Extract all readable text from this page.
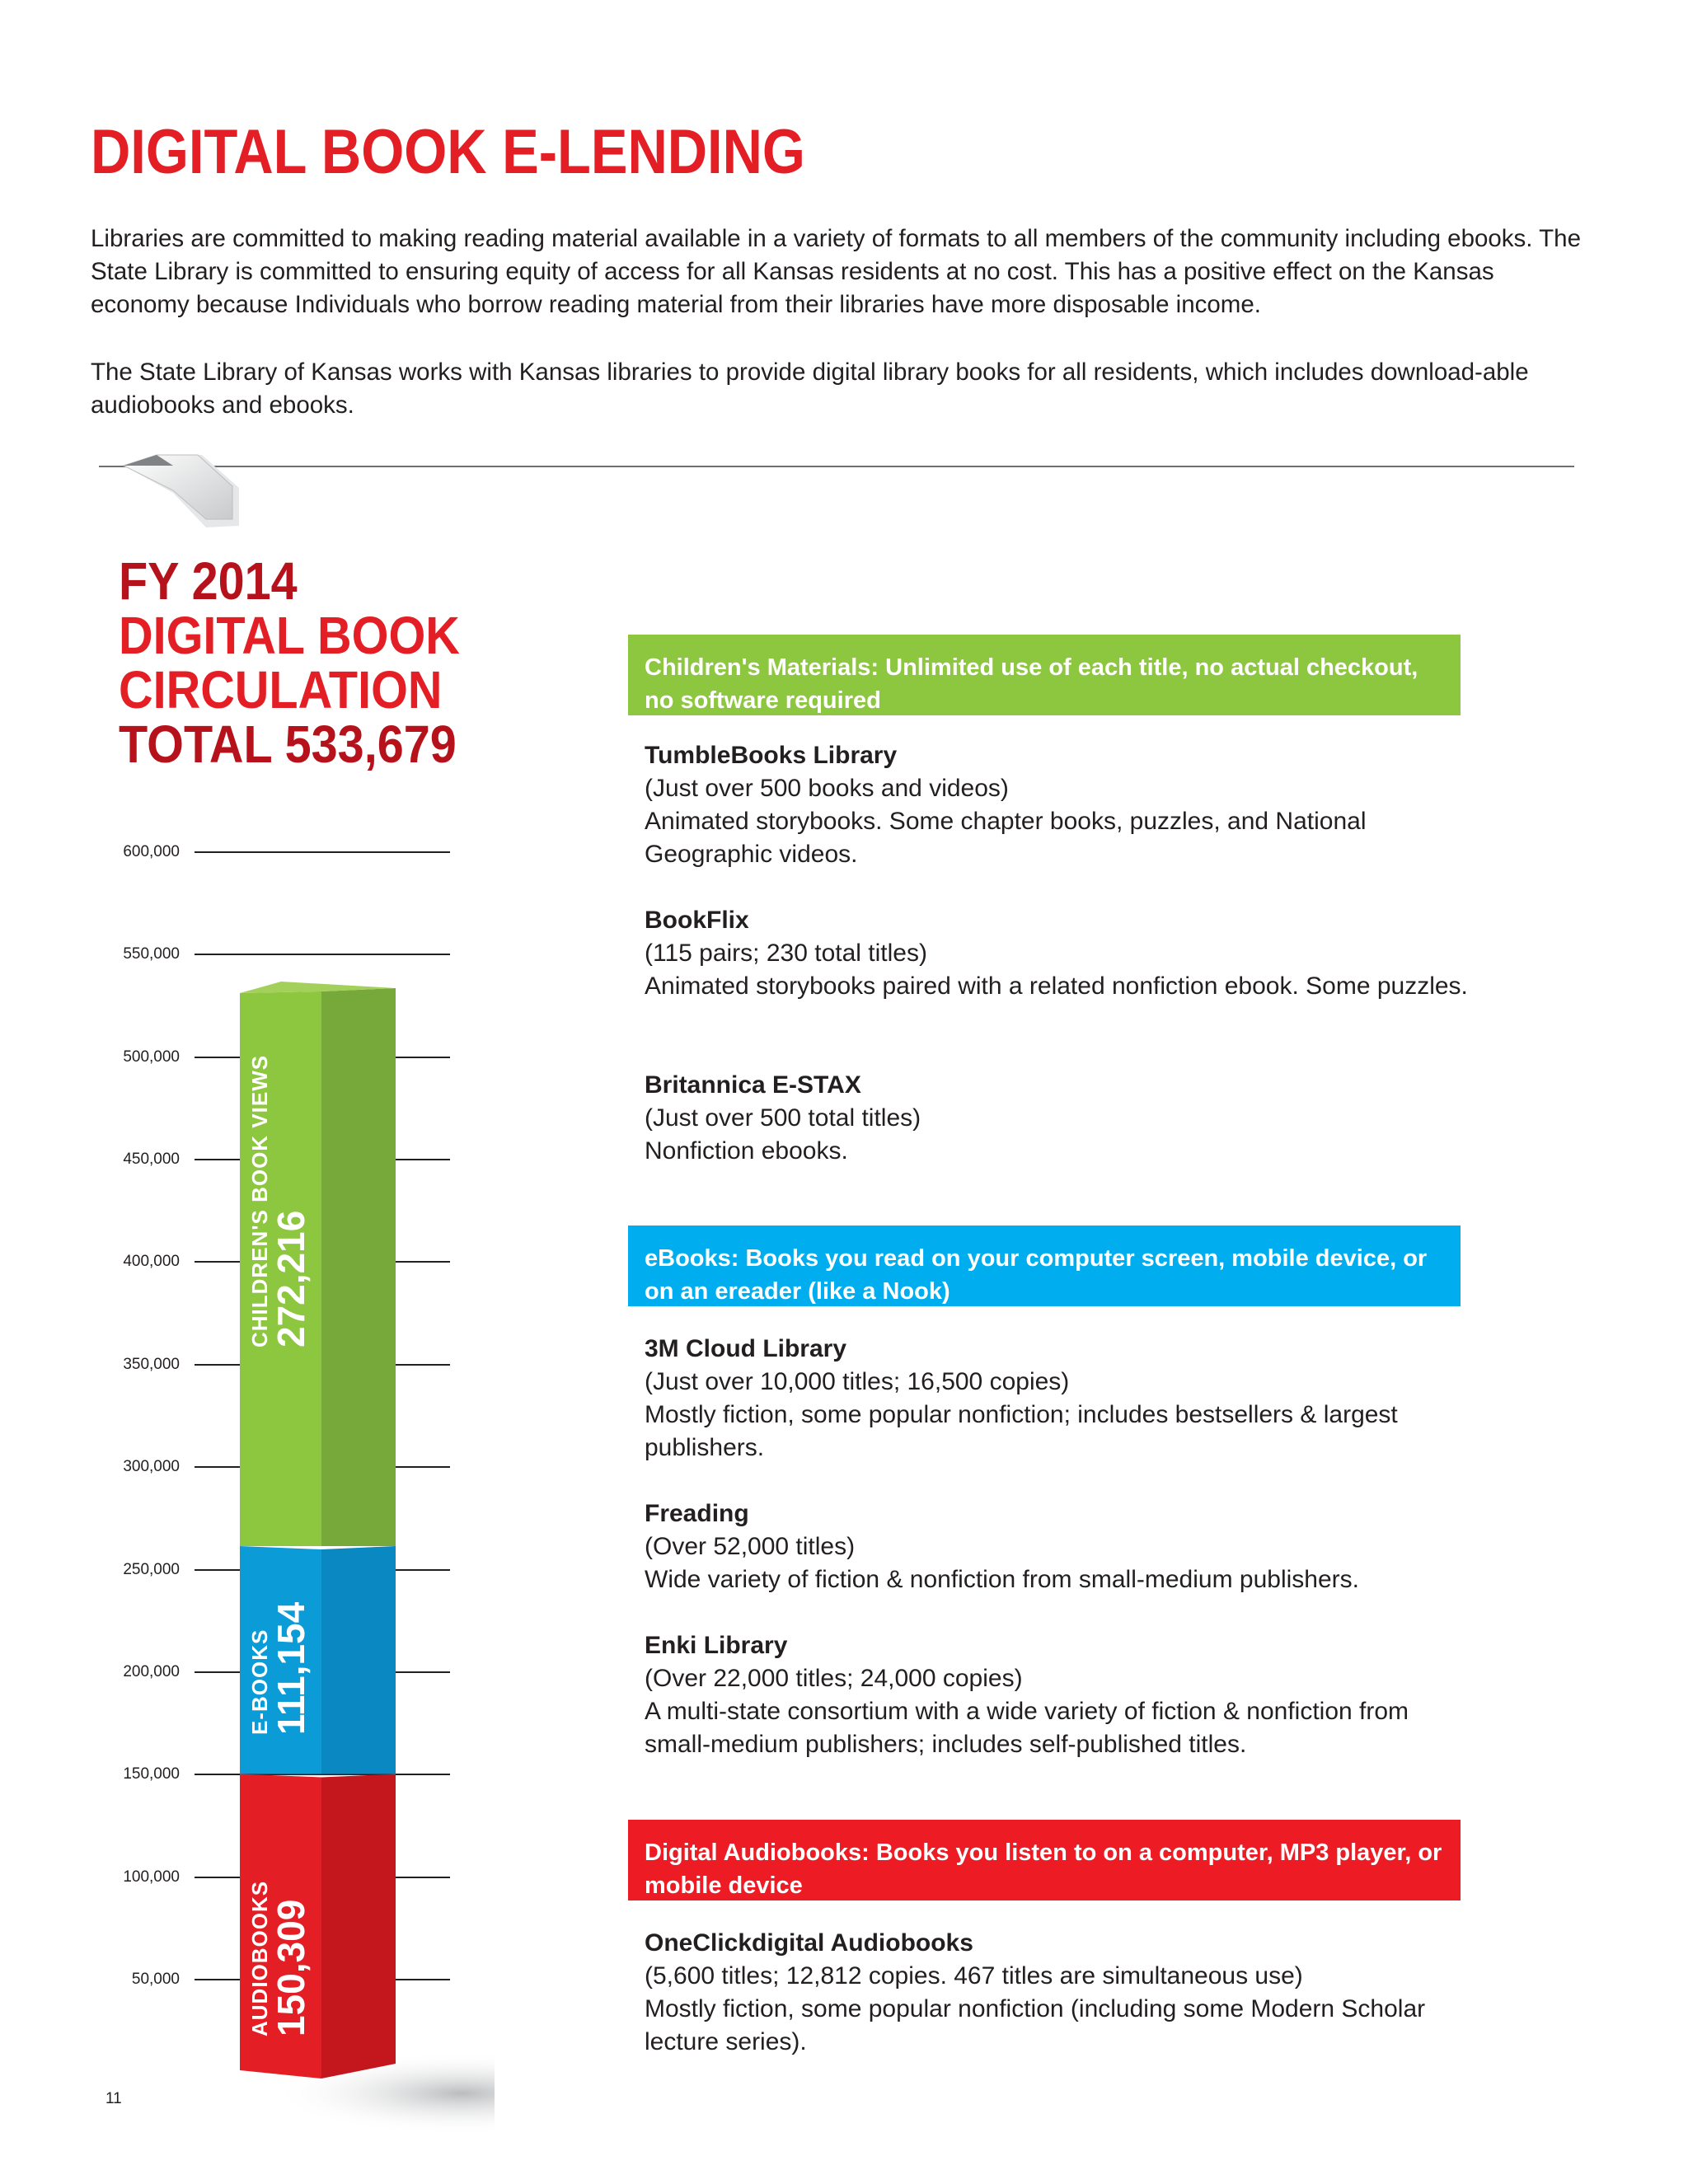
DIGITAL BOOK E-LENDING

Libraries are committed to making reading material available in a variety of formats to all members of the community including ebooks. The State Library is committed to ensuring equity of access for all Kansas residents at no cost. This has a positive effect on the Kansas economy because Individuals who borrow reading material from their libraries have more disposable income.

The State Library of Kansas works with Kansas libraries to provide digital library books for all residents, which includes download-able audiobooks and ebooks.

FY 2014
DIGITAL BOOK
CIRCULATION
TOTAL 533,679
50,000
100,000
150,000
200,000
250,000
300,000
350,000
400,000
450,000
500,000
550,000
600,000
11
Children's Materials: Unlimited use of each title, no actual checkout, no software required
TumbleBooks Library
(Just over 500 books and videos)
Animated storybooks. Some chapter books, puzzles, and National Geographic videos.
BookFlix
(115 pairs; 230 total titles)
Animated storybooks paired with a related nonfiction ebook. Some puzzles.
Britannica E-STAX
(Just over 500 total titles)
Nonfiction ebooks.
eBooks: Books you read on your computer screen, mobile device, or on an ereader (like a Nook)
3M Cloud Library
(Just over 10,000 titles; 16,500 copies)
Mostly fiction, some popular nonfiction; includes bestsellers & largest publishers.
Freading
(Over 52,000 titles)
Wide variety of fiction & nonfiction from small-medium publishers.
Enki Library
(Over 22,000 titles; 24,000 copies)
A multi-state consortium with a wide variety of fiction & nonfiction from small-medium publishers; includes self-published titles.
Digital Audiobooks: Books you listen to on a computer, MP3 player, or mobile device
OneClickdigital Audiobooks
(5,600 titles; 12,812 copies. 467 titles are simultaneous use)
Mostly fiction, some popular nonfiction (including some Modern Scholar lecture series).
AUDIOBOOKS
150,309
E-BOOKS
111,154
CHILDREN'S BOOK VIEWS
272,216
